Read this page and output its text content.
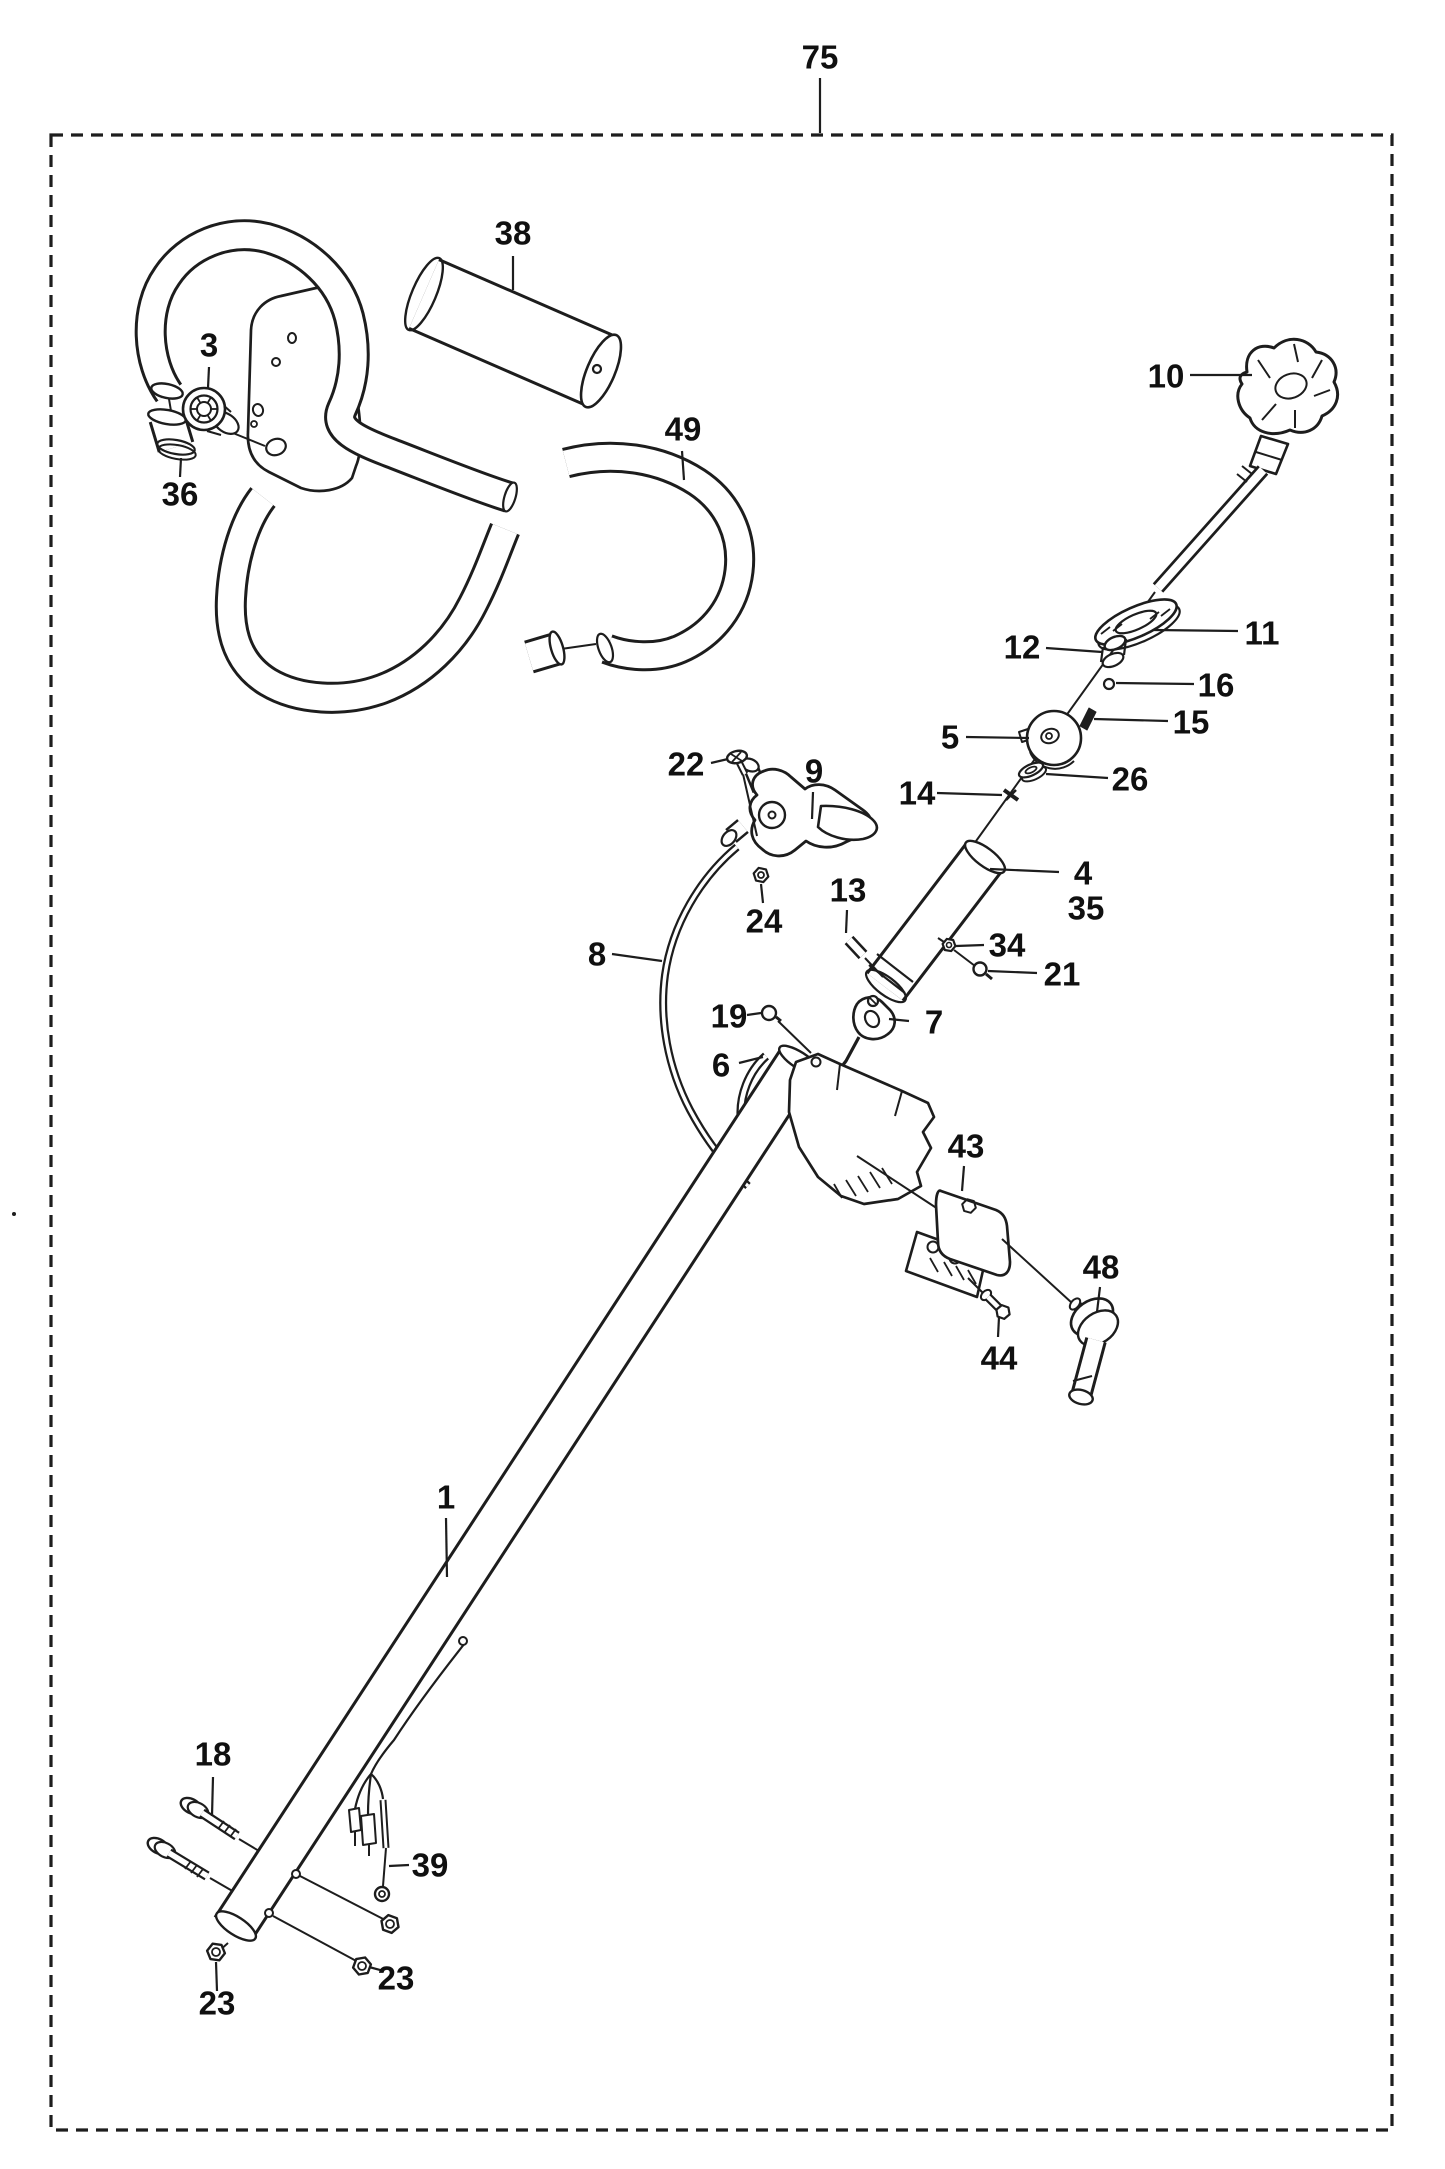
75
38
3
36
49
10
11
12
16
15
5
26
14
22	9
24
13	4
35
34
21
7
19
6
8
43
48
44
1
18
39
23
23
